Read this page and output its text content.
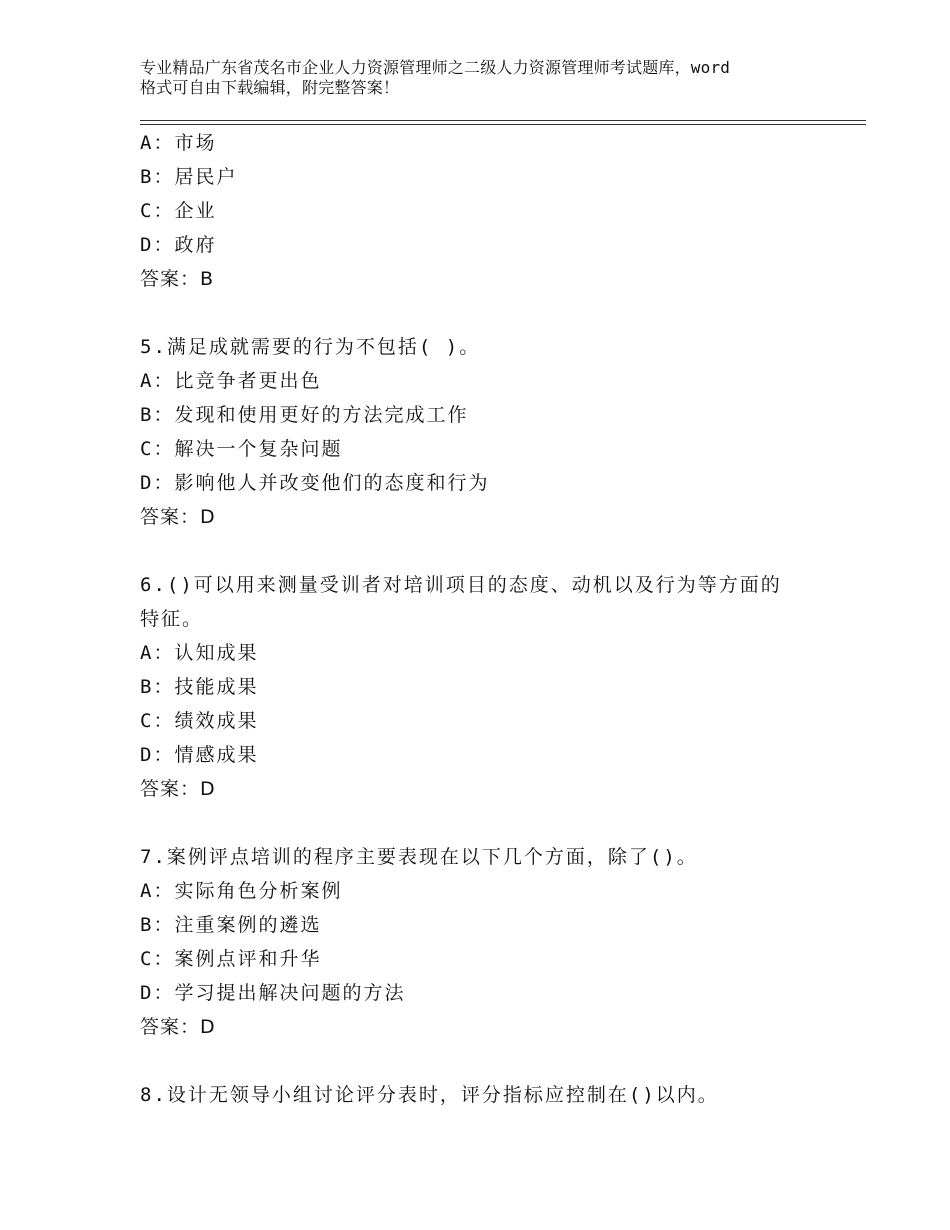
专业精品广东省茂名市企业人力资源管理师之二级人力资源管理师考试题库，word
格式可自由下载编辑，附完整答案！
A：市场
B：居民户
C：企业
D：政府
答案：B
5.满足成就需要的行为不包括( )。
A：比竞争者更出色
B：发现和使用更好的方法完成工作
C：解决一个复杂问题
D：影响他人并改变他们的态度和行为
答案：D
6.()可以用来测量受训者对培训项目的态度、动机以及行为等方面的
特征。
A：认知成果
B：技能成果
C：绩效成果
D：情感成果
答案：D
7.案例评点培训的程序主要表现在以下几个方面，除了()。
A：实际角色分析案例
B：注重案例的遴选
C：案例点评和升华
D：学习提出解决问题的方法
答案：D
8.设计无领导小组讨论评分表时，评分指标应控制在()以内。
